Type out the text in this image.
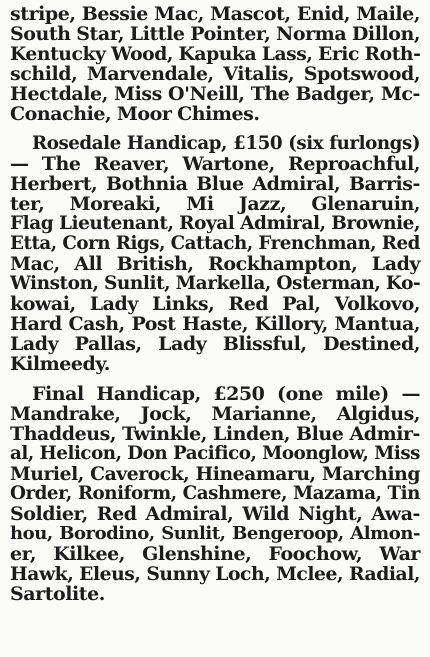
stripe, Bessie Mac, Mascot, Enid, Maile,
South Star, Little Pointer, Norma Dillon,
Kentucky Wood, Kapuka Lass, Eric Roth-
schild, Marvendale, Vitalis, Spotswood,
Hectdale, Miss O'Neill, The Badger, Mc-
Conachie, Moor Chimes.
Rosedale Handicap, £150 (six furlongs)
— The Reaver, Wartone, Reproachful,
Herbert, Bothnia Blue Admiral, Barris-
ter, Moreaki, Mi Jazz, Glenaruin,
Flag Lieutenant, Royal Admiral, Brownie,
Etta, Corn Rigs, Cattach, Frenchman, Red
Mac, All British, Rockhampton, Lady
Winston, Sunlit, Markella, Osterman, Ko-
kowai, Lady Links, Red Pal, Volkovo,
Hard Cash, Post Haste, Killory, Mantua,
Lady Pallas, Lady Blissful, Destined,
Kilmeedy.
Final Handicap, £250 (one mile) —
Mandrake, Jock, Marianne, Algidus,
Thaddeus, Twinkle, Linden, Blue Admir-
al, Helicon, Don Pacifico, Moonglow, Miss
Muriel, Caverock, Hineamaru, Marching
Order, Roniform, Cashmere, Mazama, Tin
Soldier, Red Admiral, Wild Night, Awa-
hou, Borodino, Sunlit, Bengeroop, Almon-
er, Kilkee, Glenshine, Foochow, War
Hawk, Eleus, Sunny Loch, Mclee, Radial,
Sartolite.
